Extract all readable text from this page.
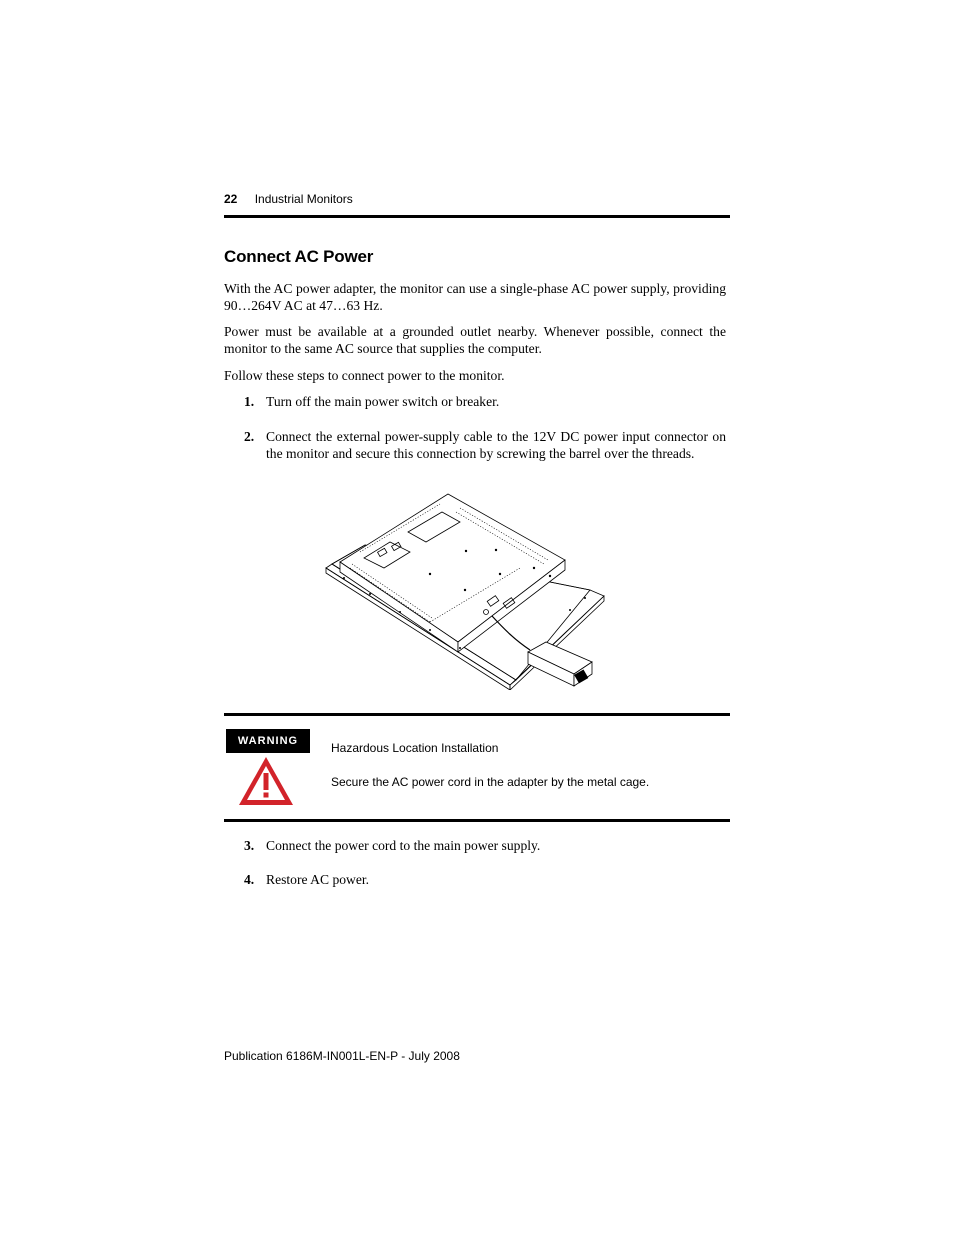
22 Industrial Monitors
Connect AC Power
With the AC power adapter, the monitor can use a single-phase AC power supply, providing 90…264V AC at 47…63 Hz.
Power must be available at a grounded outlet nearby. Whenever possible, connect the monitor to the same AC source that supplies the computer.
Follow these steps to connect power to the monitor.
1. Turn off the main power switch or breaker.
2. Connect the external power-supply cable to the 12V DC power input connector on the monitor and secure this connection by screwing the barrel over the threads.
WARNING	Hazardous Location Installation
Secure the AC power cord in the adapter by the metal cage.
3. Connect the power cord to the main power supply.
4. Restore AC power.
Publication 6186M-IN001L-EN-P - July 2008
